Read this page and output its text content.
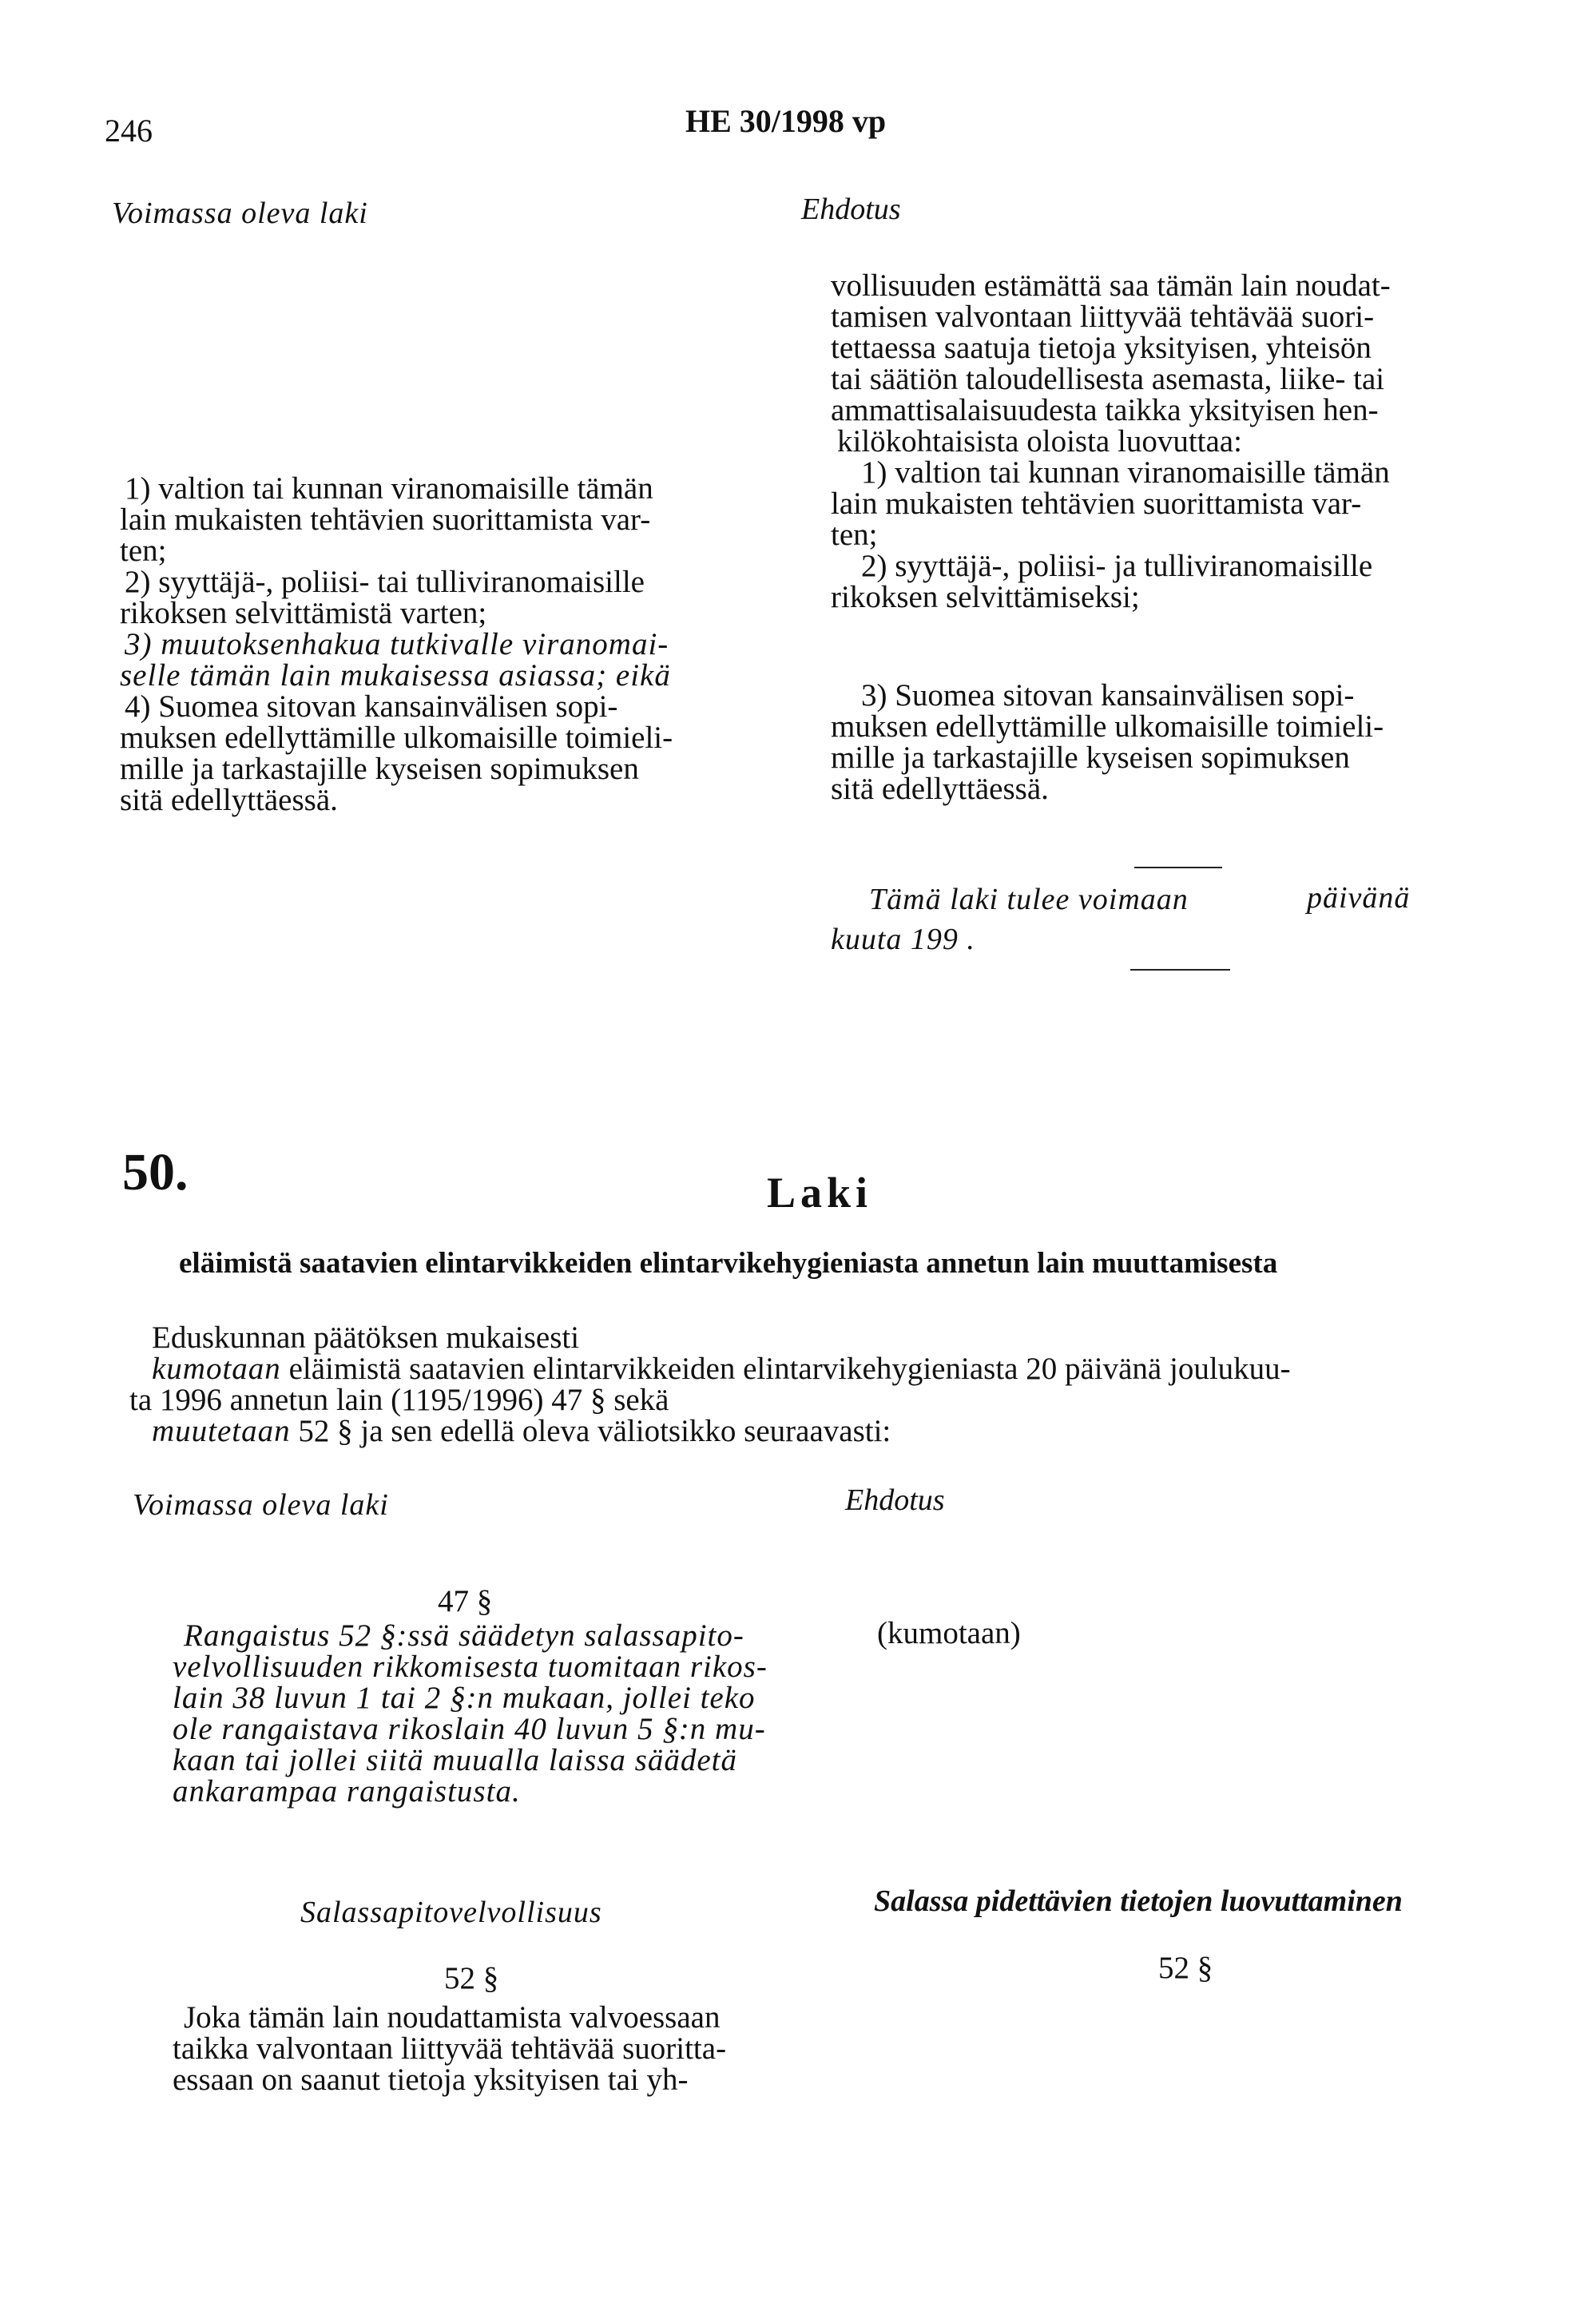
246	HE 30/1998 vp
Voimassa oleva laki	Ehdotus
1) valtion tai kunnan viranomaisille tämän
lain mukaisten tehtävien suorittamista var-
ten;
2) syyttäjä-, poliisi- tai tulliviranomaisille
rikoksen selvittämistä varten;
3) muutoksenhakua tutkivalle viranomai-
selle tämän lain mukaisessa asiassa; eikä
4) Suomea sitovan kansainvälisen sopi-
muksen edellyttämille ulkomaisille toimieli-
mille ja tarkastajille kyseisen sopimuksen
sitä edellyttäessä.
vollisuuden estämättä saa tämän lain noudat-
tamisen valvontaan liittyvää tehtävää suori-
tettaessa saatuja tietoja yksityisen, yhteisön
tai säätiön taloudellisesta asemasta, liike- tai
ammattisalaisuudesta taikka yksityisen hen-
kilökohtaisista oloista luovuttaa:
1) valtion tai kunnan viranomaisille tämän
lain mukaisten tehtävien suorittamista var-
ten;
2) syyttäjä-, poliisi- ja tulliviranomaisille
rikoksen selvittämiseksi;
3) Suomea sitovan kansainvälisen sopi-
muksen edellyttämille ulkomaisille toimieli-
mille ja tarkastajille kyseisen sopimuksen
sitä edellyttäessä.
Tämä laki tulee voimaan	päivänä
kuuta 199 .
50.	Laki
eläimistä saatavien elintarvikkeiden elintarvikehygieniasta annetun lain muuttamisesta
Eduskunnan päätöksen mukaisesti
kumotaan eläimistä saatavien elintarvikkeiden elintarvikehygieniasta 20 päivänä joulukuu-
ta 1996 annetun lain (1195/1996) 47 § sekä
muutetaan 52 § ja sen edellä oleva väliotsikko seuraavasti:
Voimassa oleva laki	Ehdotus
47 §
Rangaistus 52 §:ssä säädetyn salassapito-
velvollisuuden rikkomisesta tuomitaan rikos-
lain 38 luvun 1 tai 2 §:n mukaan, jollei teko
ole rangaistava rikoslain 40 luvun 5 §:n mu-
kaan tai jollei siitä muualla laissa säädetä
ankarampaa rangaistusta.
(kumotaan)
Salassapitovelvollisuus	Salassa pidettävien tietojen luovuttaminen
52 §	52 §
Joka tämän lain noudattamista valvoessaan
taikka valvontaan liittyvää tehtävää suoritta-
essaan on saanut tietoja yksityisen tai yh-
